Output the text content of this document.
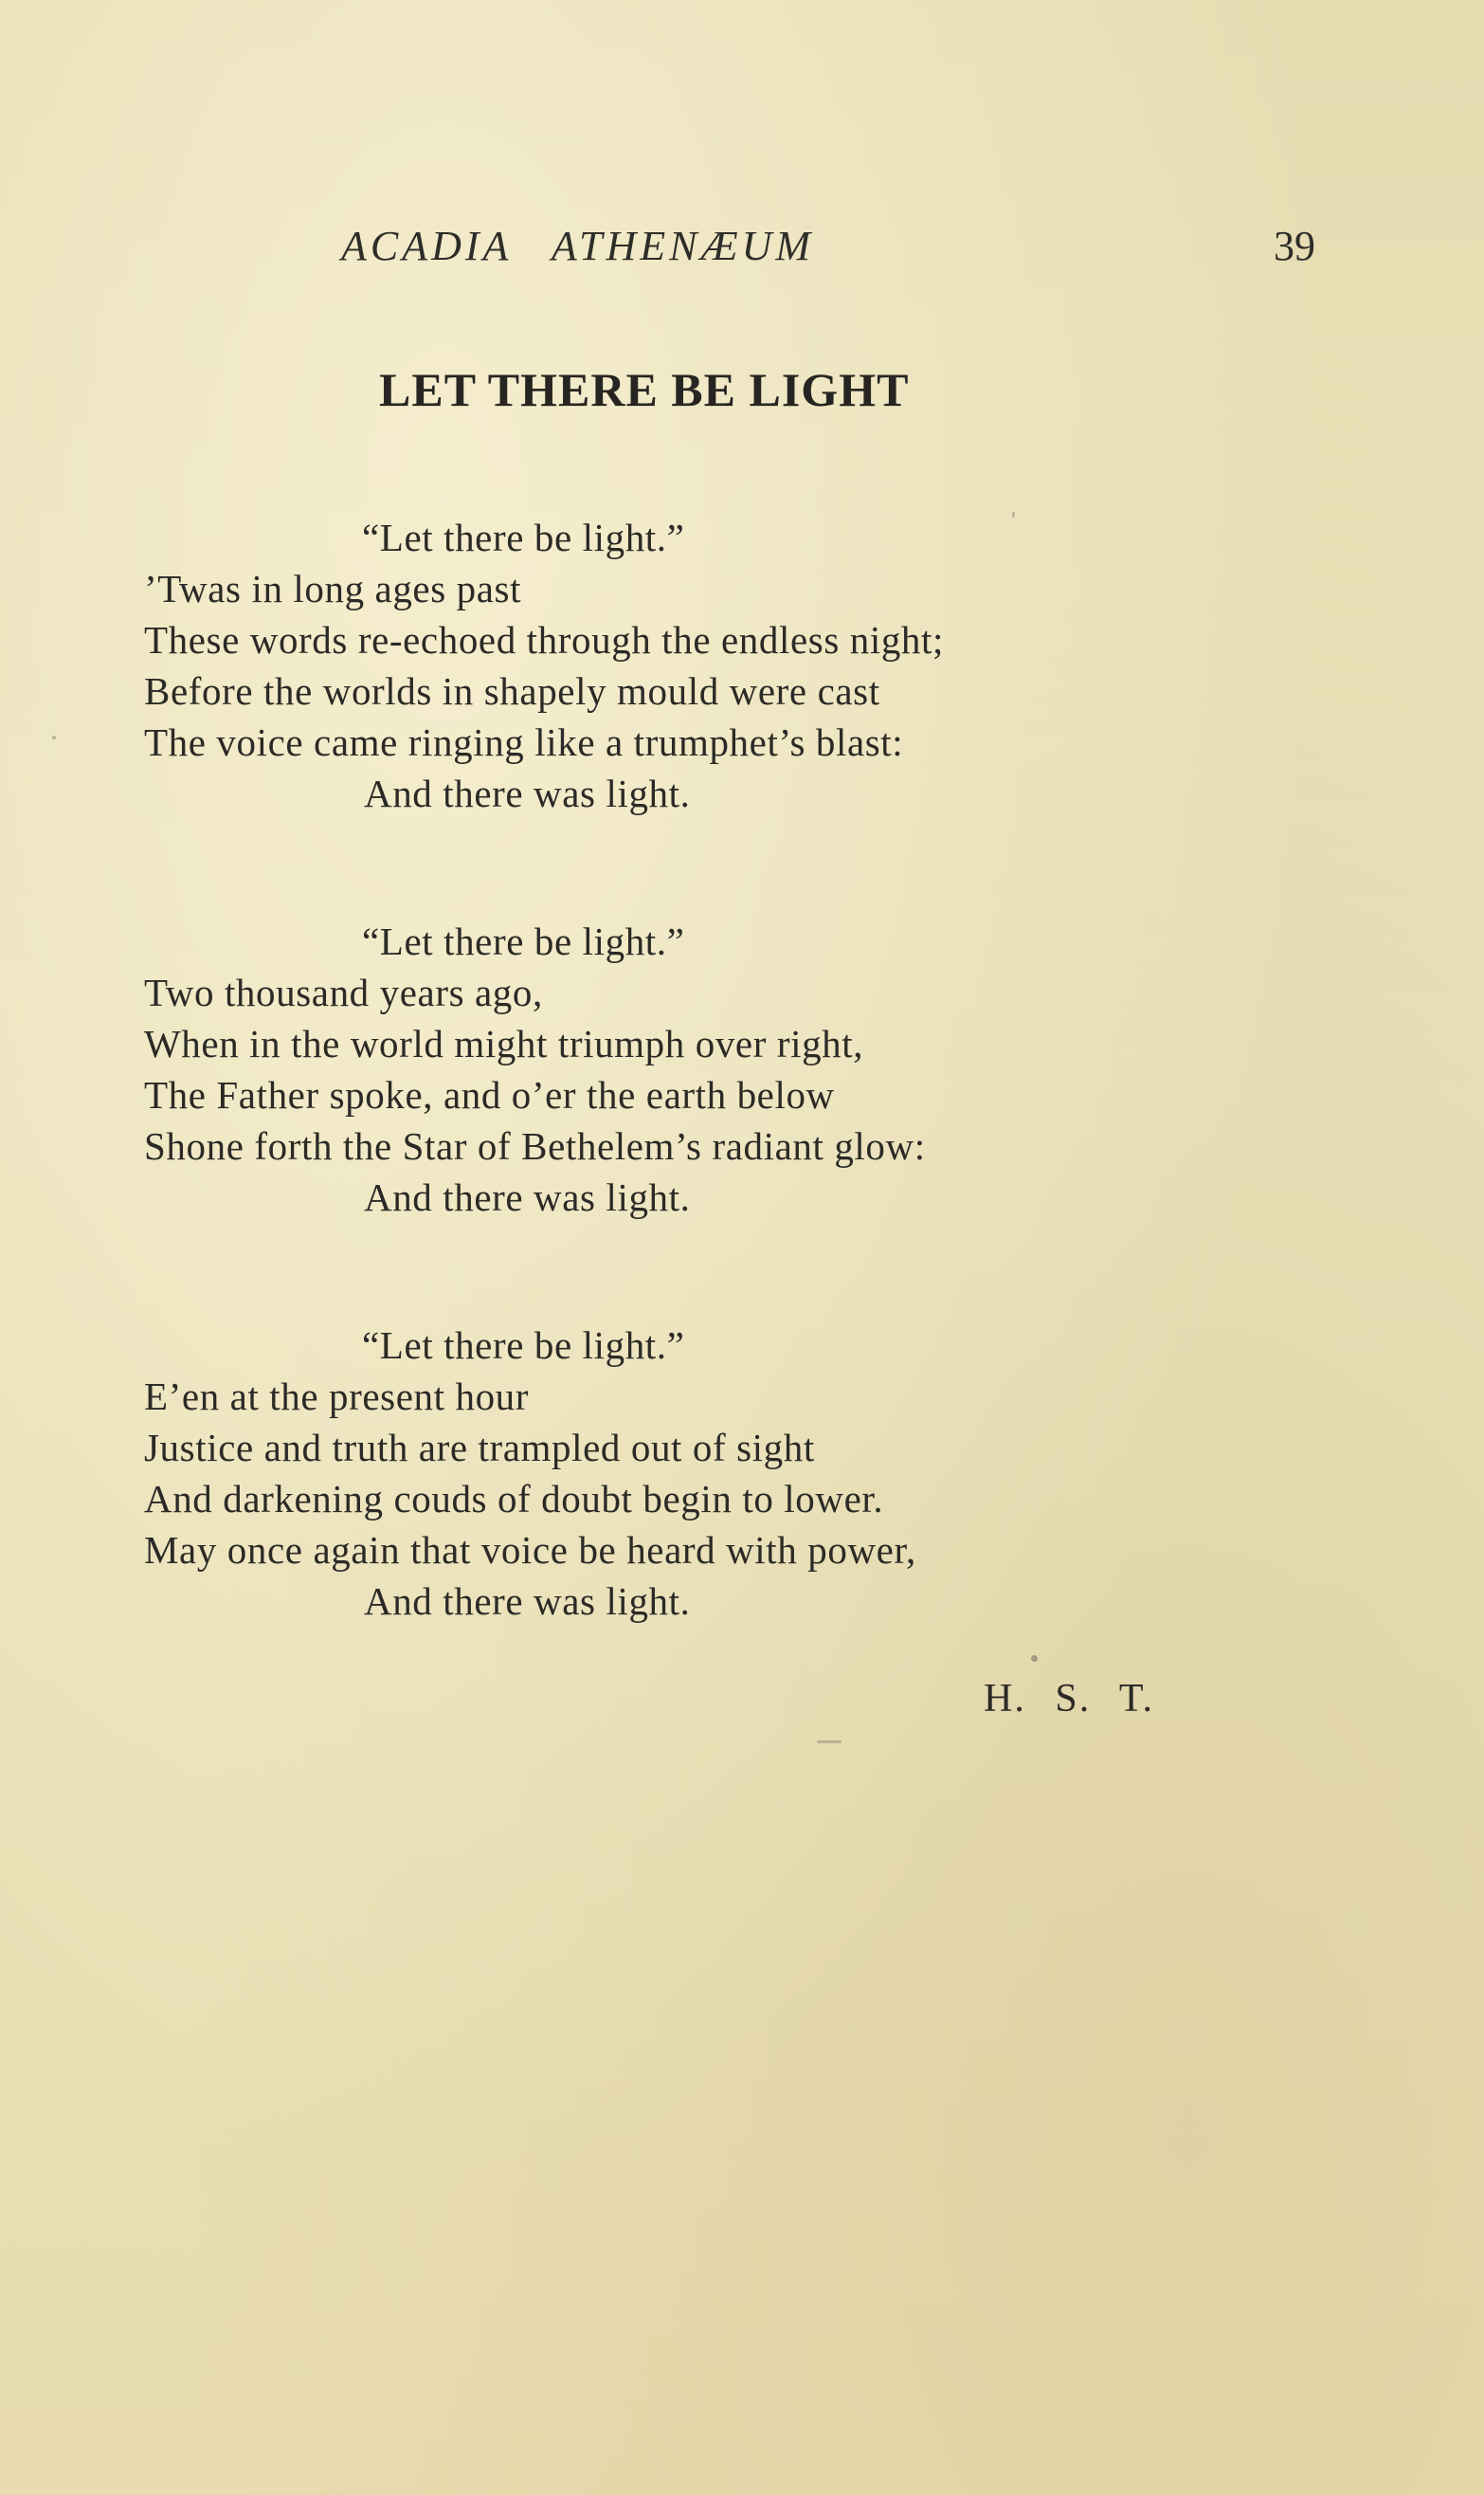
ACADIA ATHENÆUM	39
LET THERE BE LIGHT
“Let there be light.”
’Twas in long ages past
These words re-echoed through the endless night;
Before the worlds in shapely mould were cast
The voice came ringing like a trumphet’s blast:
And there was light.
“Let there be light.”
Two thousand years ago,
When in the world might triumph over right,
The Father spoke, and o’er the earth below
Shone forth the Star of Bethelem’s radiant glow:
And there was light.
“Let there be light.”
E’en at the present hour
Justice and truth are trampled out of sight
And darkening couds of doubt begin to lower.
May once again that voice be heard with power,
And there was light.
H. S. T.
